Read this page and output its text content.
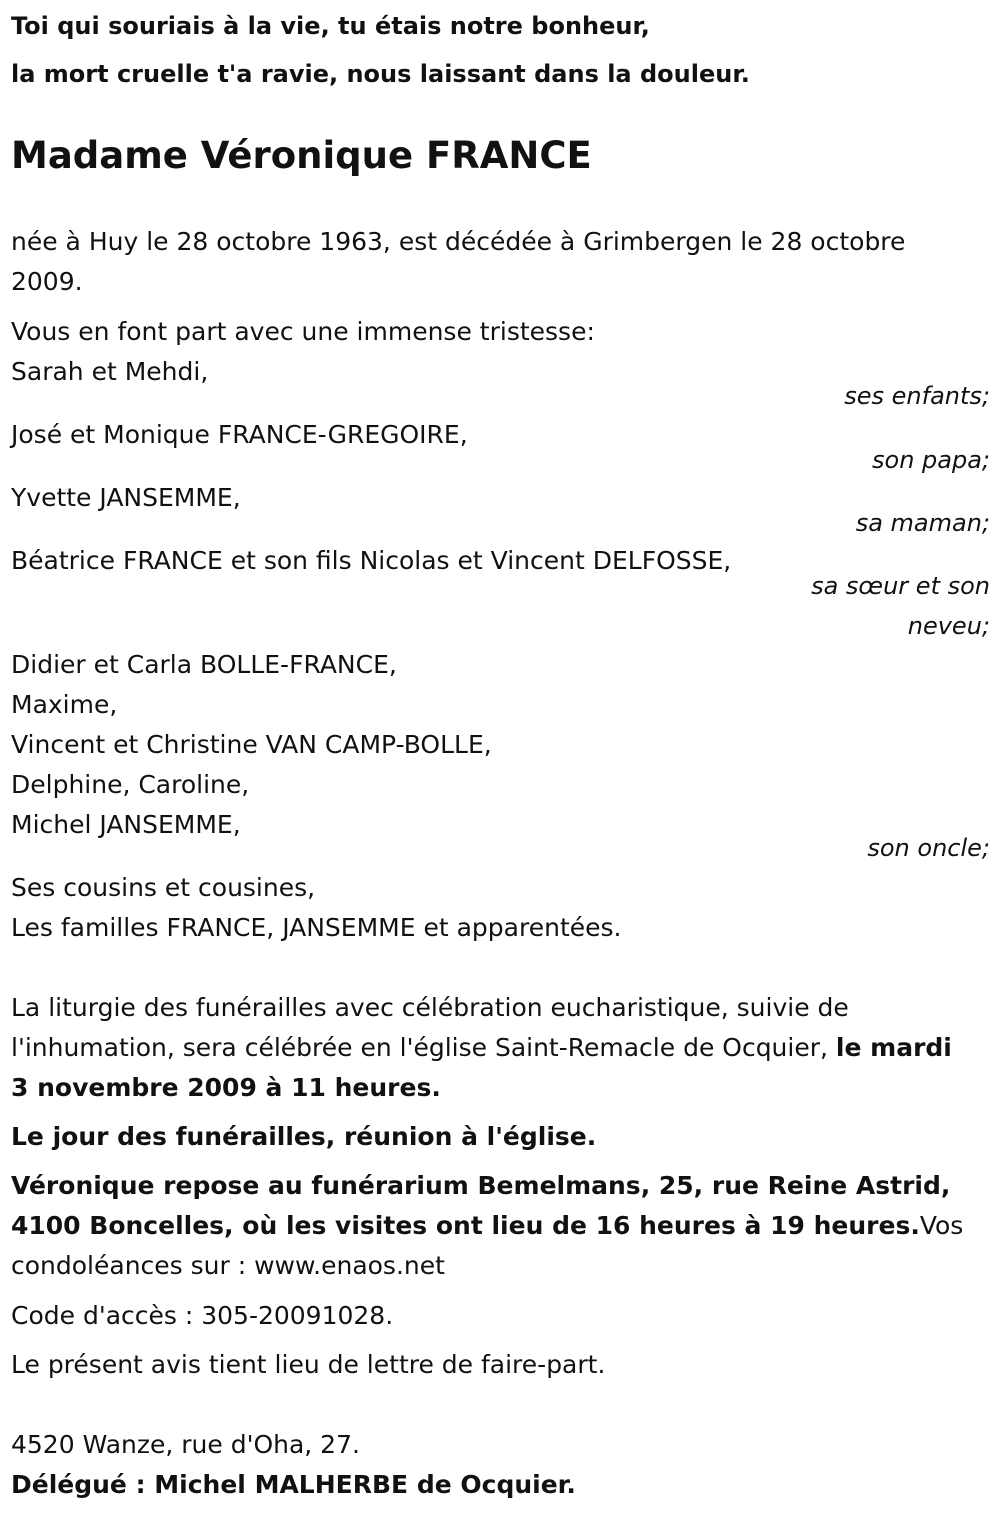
Toi qui souriais à la vie, tu étais notre bonheur,
la mort cruelle t'a ravie, nous laissant dans la douleur.
Madame Véronique FRANCE
née à Huy le 28 octobre 1963, est décédée à Grimbergen le 28 octobre
2009.
Vous en font part avec une immense tristesse:
Sarah et Mehdi,
ses enfants;
José et Monique FRANCE-GREGOIRE,
son papa;
Yvette JANSEMME,
sa maman;
Béatrice FRANCE et son fils Nicolas et Vincent DELFOSSE,
sa sœur et son
neveu;
Didier et Carla BOLLE-FRANCE,
Maxime,
Vincent et Christine VAN CAMP-BOLLE,
Delphine, Caroline,
Michel JANSEMME,
son oncle;
Ses cousins et cousines,
Les familles FRANCE, JANSEMME et apparentées.
La liturgie des funérailles avec célébration eucharistique, suivie de
l'inhumation, sera célébrée en l'église Saint-Remacle de Ocquier, le mardi
3 novembre 2009 à 11 heures.
Le jour des funérailles, réunion à l'église.
Véronique repose au funérarium Bemelmans, 25, rue Reine Astrid,
4100 Boncelles, où les visites ont lieu de 16 heures à 19 heures.Vos
condoléances sur : www.enaos.net
Code d'accès : 305-20091028.
Le présent avis tient lieu de lettre de faire-part.
4520 Wanze, rue d'Oha, 27.
Délégué : Michel MALHERBE de Ocquier.
